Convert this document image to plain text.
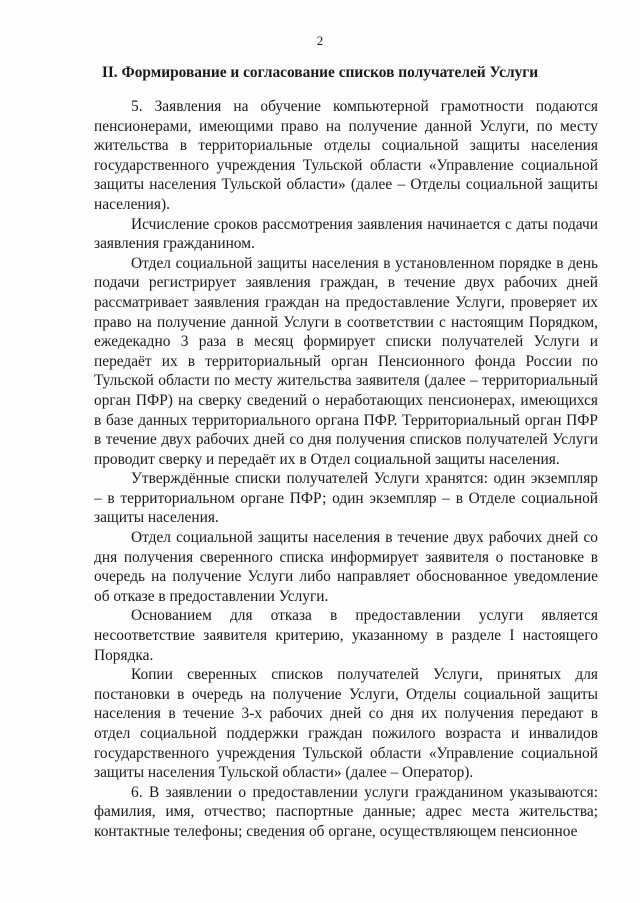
2
II. Формирование и согласование списков получателей Услуги

5. Заявления на обучение компьютерной грамотности подаются пенсионерами, имеющими право на получение данной Услуги, по месту жительства в территориальные отделы социальной защиты населения государственного учреждения Тульской области «Управление социальной защиты населения Тульской области» (далее – Отделы социальной защиты населения).

Исчисление сроков рассмотрения заявления начинается с даты подачи заявления гражданином.

Отдел социальной защиты населения в установленном порядке в день подачи регистрирует заявления граждан, в течение двух рабочих дней рассматривает заявления граждан на предоставление Услуги, проверяет их право на получение данной Услуги в соответствии с настоящим Порядком, ежедекадно 3 раза в месяц формирует списки получателей Услуги и передаёт их в территориальный орган Пенсионного фонда России по Тульской области по месту жительства заявителя (далее – территориальный орган ПФР) на сверку сведений о неработающих пенсионерах, имеющихся в базе данных территориального органа ПФР. Территориальный орган ПФР в течение двух рабочих дней со дня получения списков получателей Услуги проводит сверку и передаёт их в Отдел социальной защиты населения.

Утверждённые списки получателей Услуги хранятся: один экземпляр – в территориальном органе ПФР; один экземпляр – в Отделе социальной защиты населения.

Отдел социальной защиты населения в течение двух рабочих дней со дня получения сверенного списка информирует заявителя о постановке в очередь на получение Услуги либо направляет обоснованное уведомление об отказе в предоставлении Услуги.

Основанием для отказа в предоставлении услуги является несоответствие заявителя критерию, указанному в разделе I настоящего Порядка.

Копии сверенных списков получателей Услуги, принятых для постановки в очередь на получение Услуги, Отделы социальной защиты населения в течение 3-х рабочих дней со дня их получения передают в отдел социальной поддержки граждан пожилого возраста и инвалидов государственного учреждения Тульской области «Управление социальной защиты населения Тульской области» (далее – Оператор).

6. В заявлении о предоставлении услуги гражданином указываются: фамилия, имя, отчество; паспортные данные; адрес места жительства; контактные телефоны; сведения об органе, осуществляющем пенсионное
